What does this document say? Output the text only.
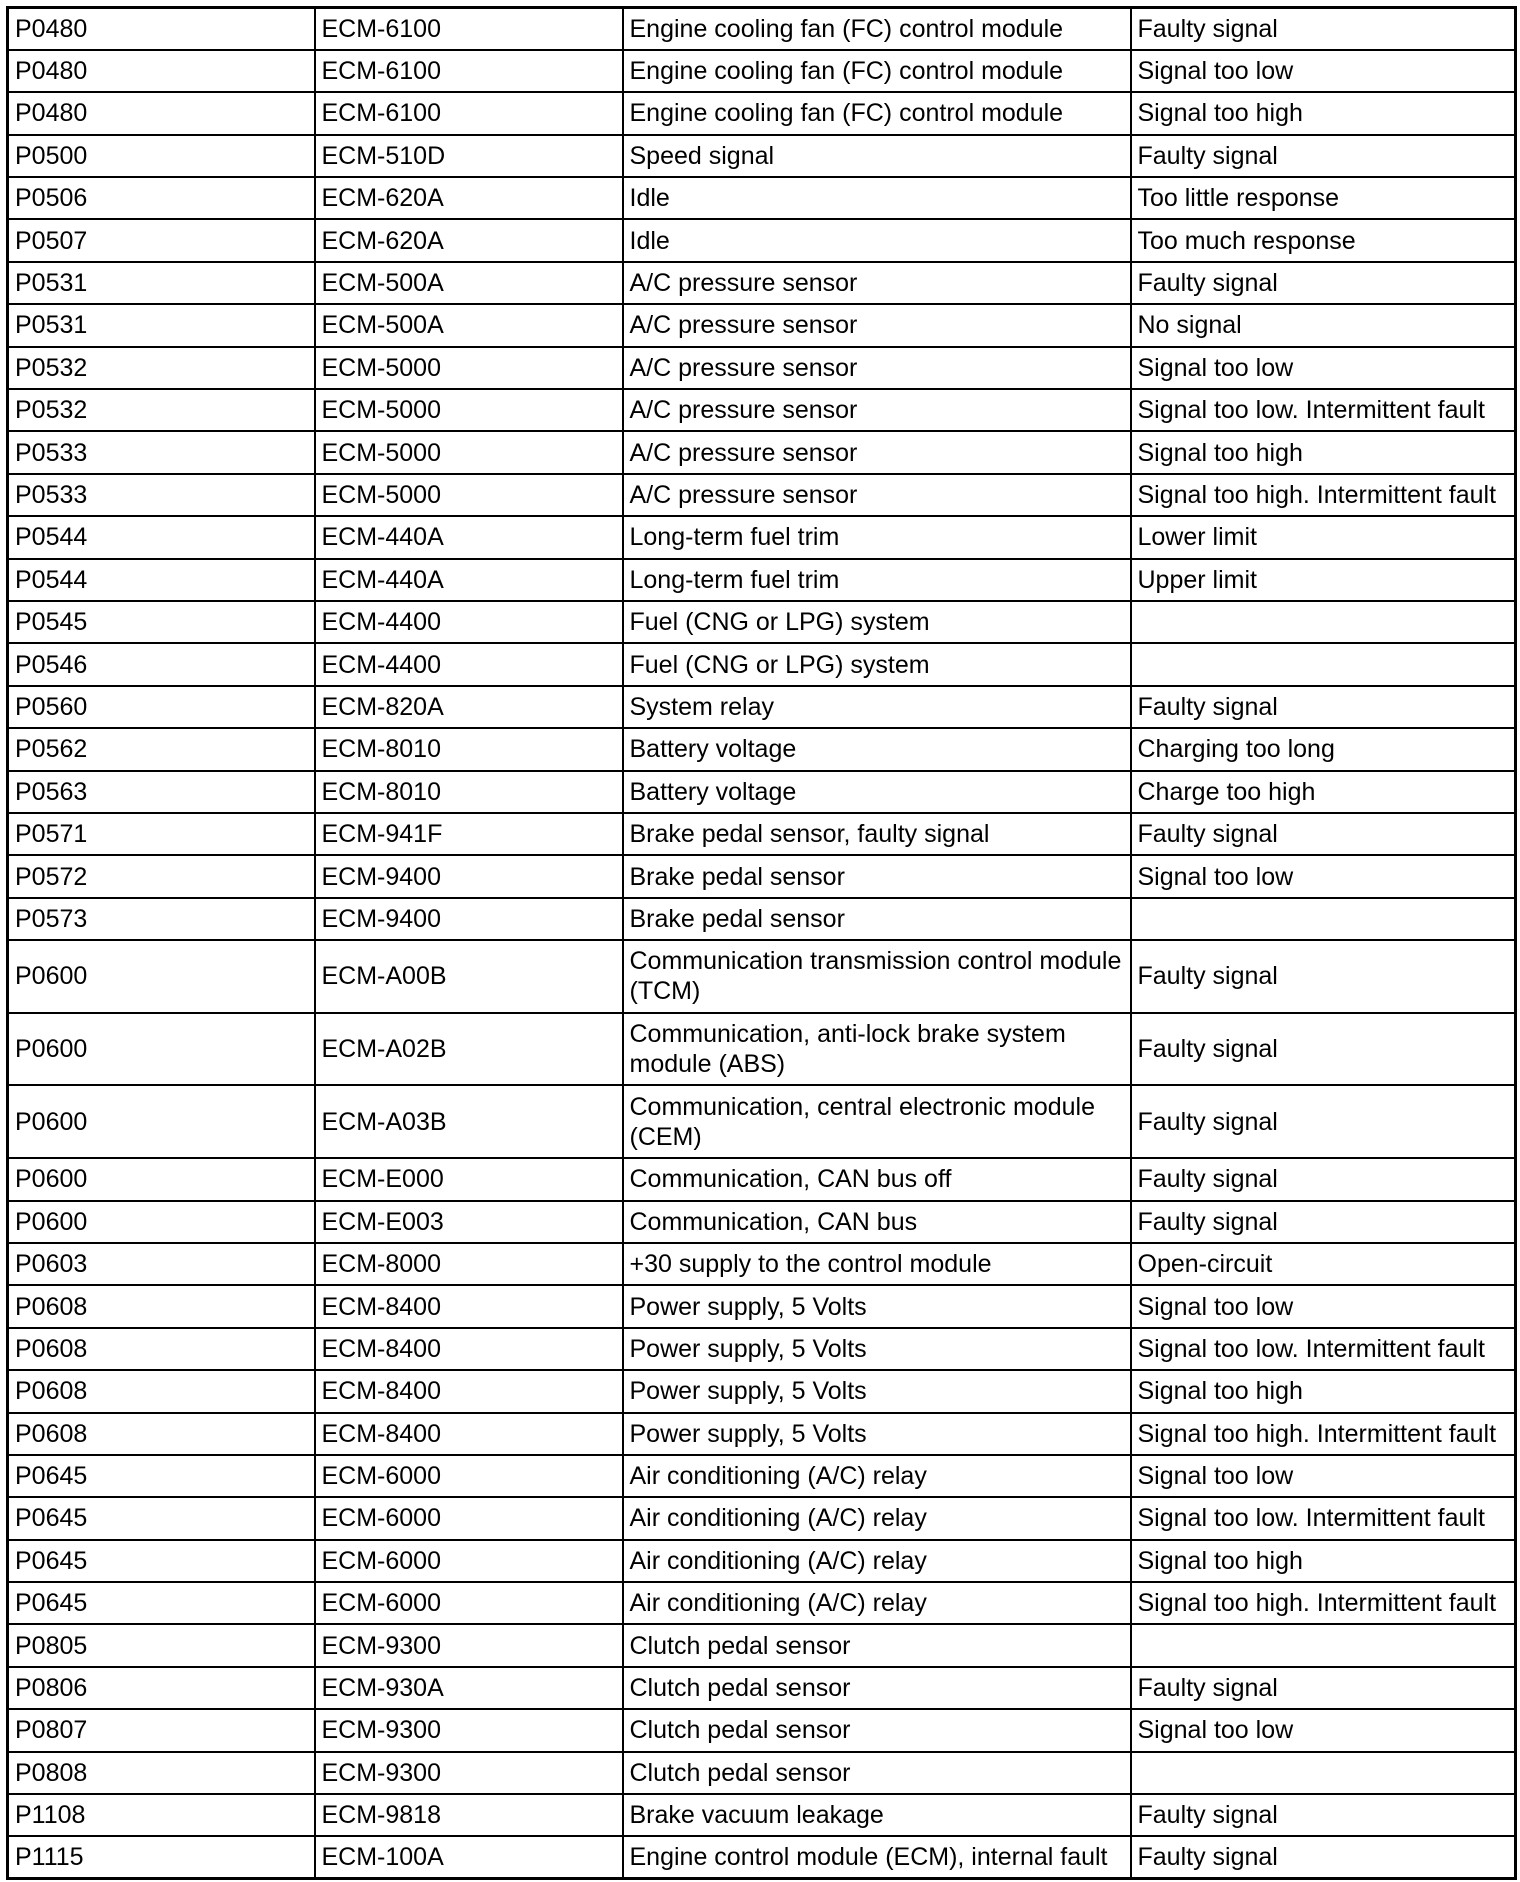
P0480	ECM-6100	Engine cooling fan (FC) control module	Faulty signal
P0480	ECM-6100	Engine cooling fan (FC) control module	Signal too low
P0480	ECM-6100	Engine cooling fan (FC) control module	Signal too high
P0500	ECM-510D	Speed signal	Faulty signal
P0506	ECM-620A	Idle	Too little response
P0507	ECM-620A	Idle	Too much response
P0531	ECM-500A	A/C pressure sensor	Faulty signal
P0531	ECM-500A	A/C pressure sensor	No signal
P0532	ECM-5000	A/C pressure sensor	Signal too low
P0532	ECM-5000	A/C pressure sensor	Signal too low. Intermittent fault
P0533	ECM-5000	A/C pressure sensor	Signal too high
P0533	ECM-5000	A/C pressure sensor	Signal too high. Intermittent fault
P0544	ECM-440A	Long-term fuel trim	Lower limit
P0544	ECM-440A	Long-term fuel trim	Upper limit
P0545	ECM-4400	Fuel (CNG or LPG) system	
P0546	ECM-4400	Fuel (CNG or LPG) system	
P0560	ECM-820A	System relay	Faulty signal
P0562	ECM-8010	Battery voltage	Charging too long
P0563	ECM-8010	Battery voltage	Charge too high
P0571	ECM-941F	Brake pedal sensor, faulty signal	Faulty signal
P0572	ECM-9400	Brake pedal sensor	Signal too low
P0573	ECM-9400	Brake pedal sensor	
P0600	ECM-A00B	Communication transmission control module (TCM)	Faulty signal
P0600	ECM-A02B	Communication, anti-lock brake system module (ABS)	Faulty signal
P0600	ECM-A03B	Communication, central electronic module (CEM)	Faulty signal
P0600	ECM-E000	Communication, CAN bus off	Faulty signal
P0600	ECM-E003	Communication, CAN bus	Faulty signal
P0603	ECM-8000	+30 supply to the control module	Open-circuit
P0608	ECM-8400	Power supply, 5 Volts	Signal too low
P0608	ECM-8400	Power supply, 5 Volts	Signal too low. Intermittent fault
P0608	ECM-8400	Power supply, 5 Volts	Signal too high
P0608	ECM-8400	Power supply, 5 Volts	Signal too high. Intermittent fault
P0645	ECM-6000	Air conditioning (A/C) relay	Signal too low
P0645	ECM-6000	Air conditioning (A/C) relay	Signal too low. Intermittent fault
P0645	ECM-6000	Air conditioning (A/C) relay	Signal too high
P0645	ECM-6000	Air conditioning (A/C) relay	Signal too high. Intermittent fault
P0805	ECM-9300	Clutch pedal sensor	
P0806	ECM-930A	Clutch pedal sensor	Faulty signal
P0807	ECM-9300	Clutch pedal sensor	Signal too low
P0808	ECM-9300	Clutch pedal sensor	
P1108	ECM-9818	Brake vacuum leakage	Faulty signal
P1115	ECM-100A	Engine control module (ECM), internal fault	Faulty signal
